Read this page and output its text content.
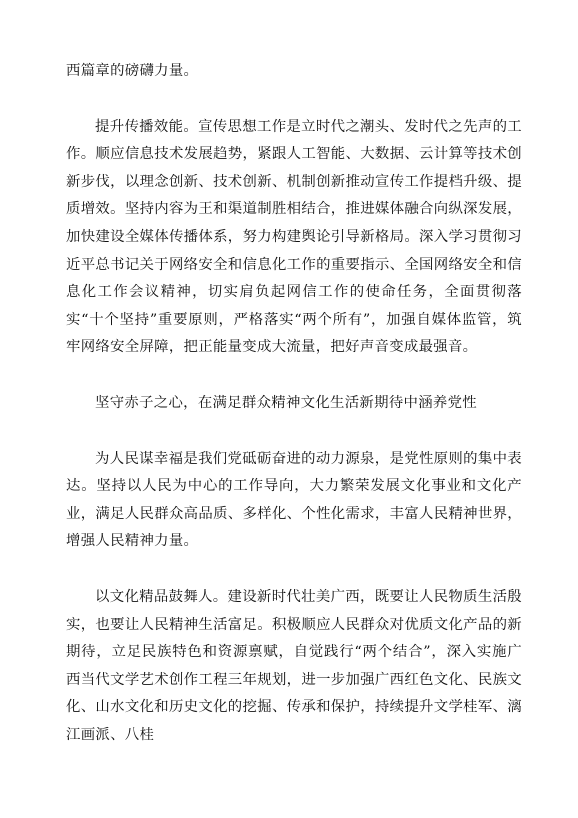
西篇章的磅礴力量。

提升传播效能。宣传思想工作是立时代之潮头、发时代之先声的工作。顺应信息技术发展趋势，紧跟人工智能、大数据、云计算等技术创新步伐，以理念创新、技术创新、机制创新推动宣传工作提档升级、提质增效。坚持内容为王和渠道制胜相结合，推进媒体融合向纵深发展，加快建设全媒体传播体系，努力构建舆论引导新格局。深入学习贯彻习近平总书记关于网络安全和信息化工作的重要指示、全国网络安全和信息化工作会议精神，切实肩负起网信工作的使命任务，全面贯彻落实“十个坚持”重要原则，严格落实“两个所有”，加强自媒体监管，筑牢网络安全屏障，把正能量变成大流量，把好声音变成最强音。

坚守赤子之心，在满足群众精神文化生活新期待中涵养党性

为人民谋幸福是我们党砥砺奋进的动力源泉，是党性原则的集中表达。坚持以人民为中心的工作导向，大力繁荣发展文化事业和文化产业，满足人民群众高品质、多样化、个性化需求，丰富人民精神世界，增强人民精神力量。

以文化精品鼓舞人。建设新时代壮美广西，既要让人民物质生活殷实，也要让人民精神生活富足。积极顺应人民群众对优质文化产品的新期待，立足民族特色和资源禀赋，自觉践行“两个结合”，深入实施广西当代文学艺术创作工程三年规划，进一步加强广西红色文化、民族文化、山水文化和历史文化的挖掘、传承和保护，持续提升文学桂军、漓江画派、八桂
